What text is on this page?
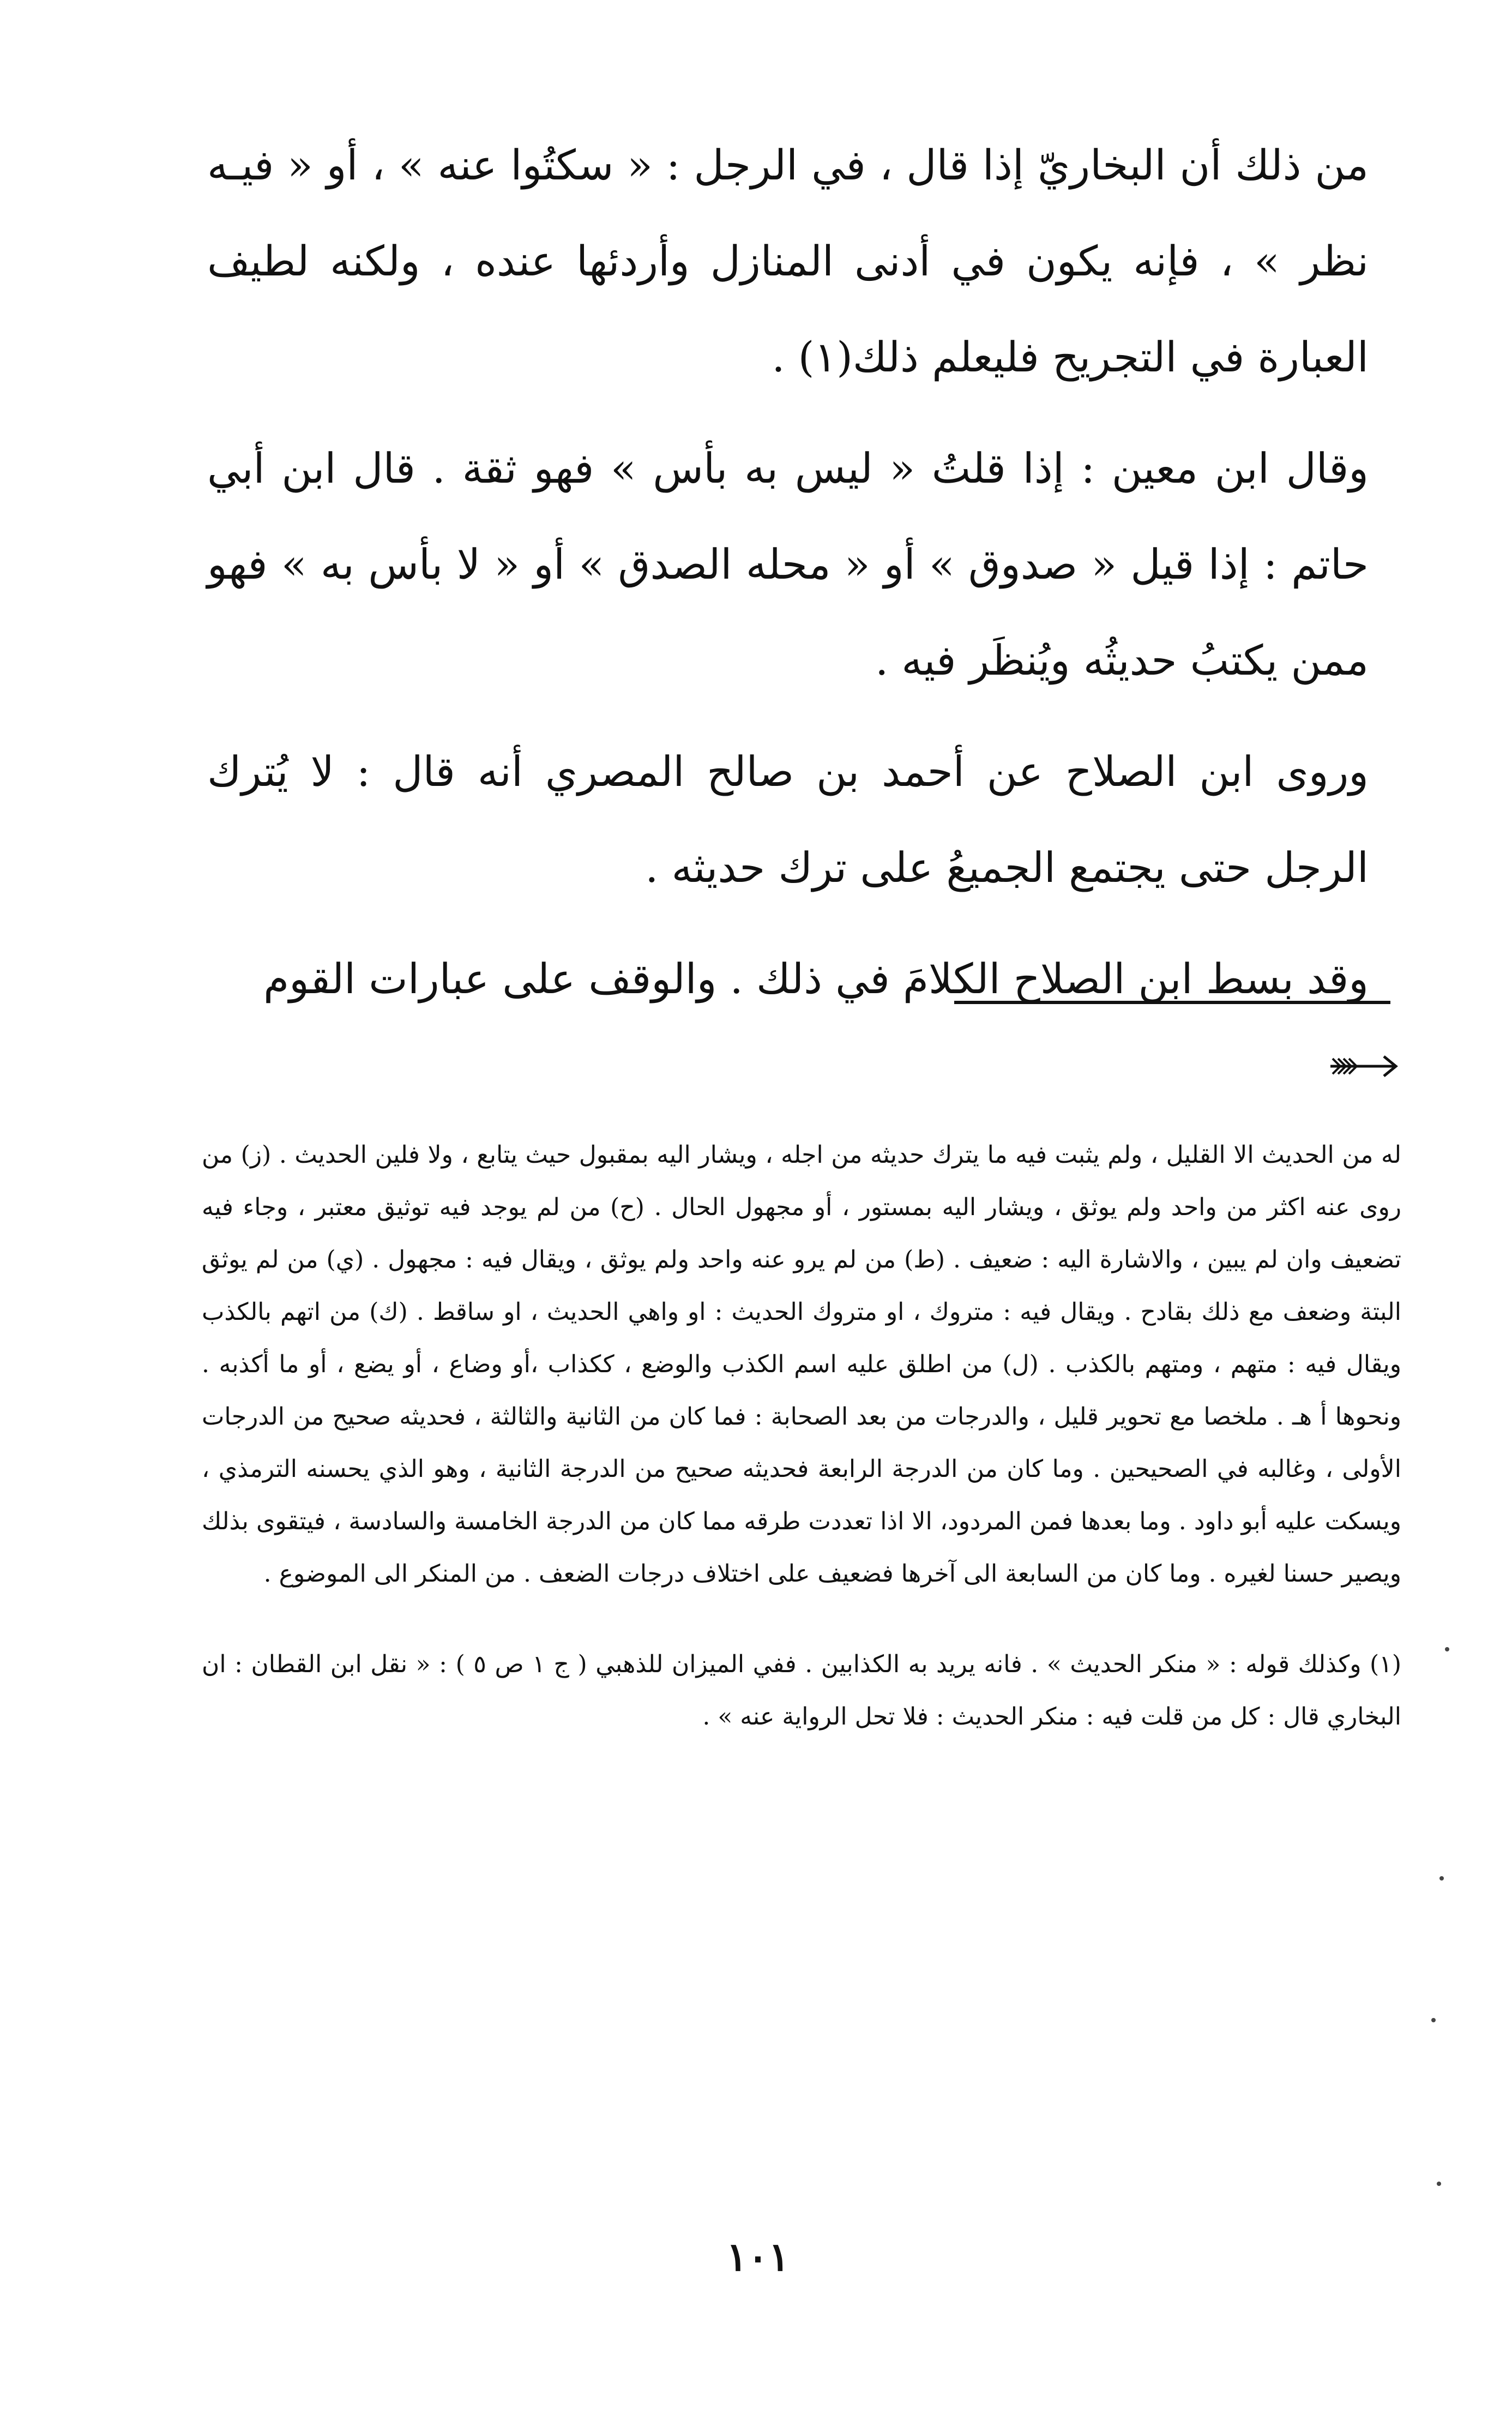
من ذلك أن البخاريّ إذا قال ، في الرجل : « سكتُوا عنه » ، أو « فيـه نظر » ، فإنه يكون في أدنى المنازل وأردئها عنده ، ولكنه لطيف العبارة في التجريح فليعلم ذلك(١) .

وقال ابن معين : إذا قلتُ « ليس به بأس » فهو ثقة . قال ابن أبي حاتم : إذا قيل « صدوق » أو « محله الصدق » أو « لا بأس به » فهو ممن يكتبُ حديثُه ويُنظَر فيه .

وروى ابن الصلاح عن أحمد بن صالح المصري أنه قال : لا يُترك الرجل حتى يجتمع الجميعُ على ترك حديثه .

وقد بسط ابن الصلاح الكلامَ في ذلك . والوقف على عبارات القوم

له من الحديث الا القليل ، ولم يثبت فيه ما يترك حديثه من اجله ، ويشار اليه بمقبول حيث يتابع ، ولا فلين الحديث . (ز) من روى عنه اكثر من واحد ولم يوثق ، ويشار اليه بمستور ، أو مجهول الحال . (ح) من لم يوجد فيه توثيق معتبر ، وجاء فيه تضعيف وان لم يبين ، والاشارة اليه : ضعيف . (ط) من لم يرو عنه واحد ولم يوثق ، ويقال فيه : مجهول . (ي) من لم يوثق البتة وضعف مع ذلك بقادح . ويقال فيه : متروك ، او متروك الحديث : او واهي الحديث ، او ساقط . (ك) من اتهم بالكذب ويقال فيه : متهم ، ومتهم بالكذب . (ل) من اطلق عليه اسم الكذب والوضع ، ككذاب ،أو وضاع ، أو يضع ، أو ما أكذبه . ونحوها أ هـ . ملخصا مع تحوير قليل ، والدرجات من بعد الصحابة : فما كان من الثانية والثالثة ، فحديثه صحيح من الدرجات الأولى ، وغالبه في الصحيحين . وما كان من الدرجة الرابعة فحديثه صحيح من الدرجة الثانية ، وهو الذي يحسنه الترمذي ، ويسكت عليه أبو داود . وما بعدها فمن المردود، الا اذا تعددت طرقه مما كان من الدرجة الخامسة والسادسة ، فيتقوى بذلك ويصير حسنا لغيره . وما كان من السابعة الى آخرها فضعيف على اختلاف درجات الضعف . من المنكر الى الموضوع .

(١) وكذلك قوله : « منكر الحديث » . فانه يريد به الكذابين . ففي الميزان للذهبي ( ج ١ ص ٥ ) : « نقل ابن القطان : ان البخاري قال : كل من قلت فيه : منكر الحديث : فلا تحل الرواية عنه » .

١٠١
